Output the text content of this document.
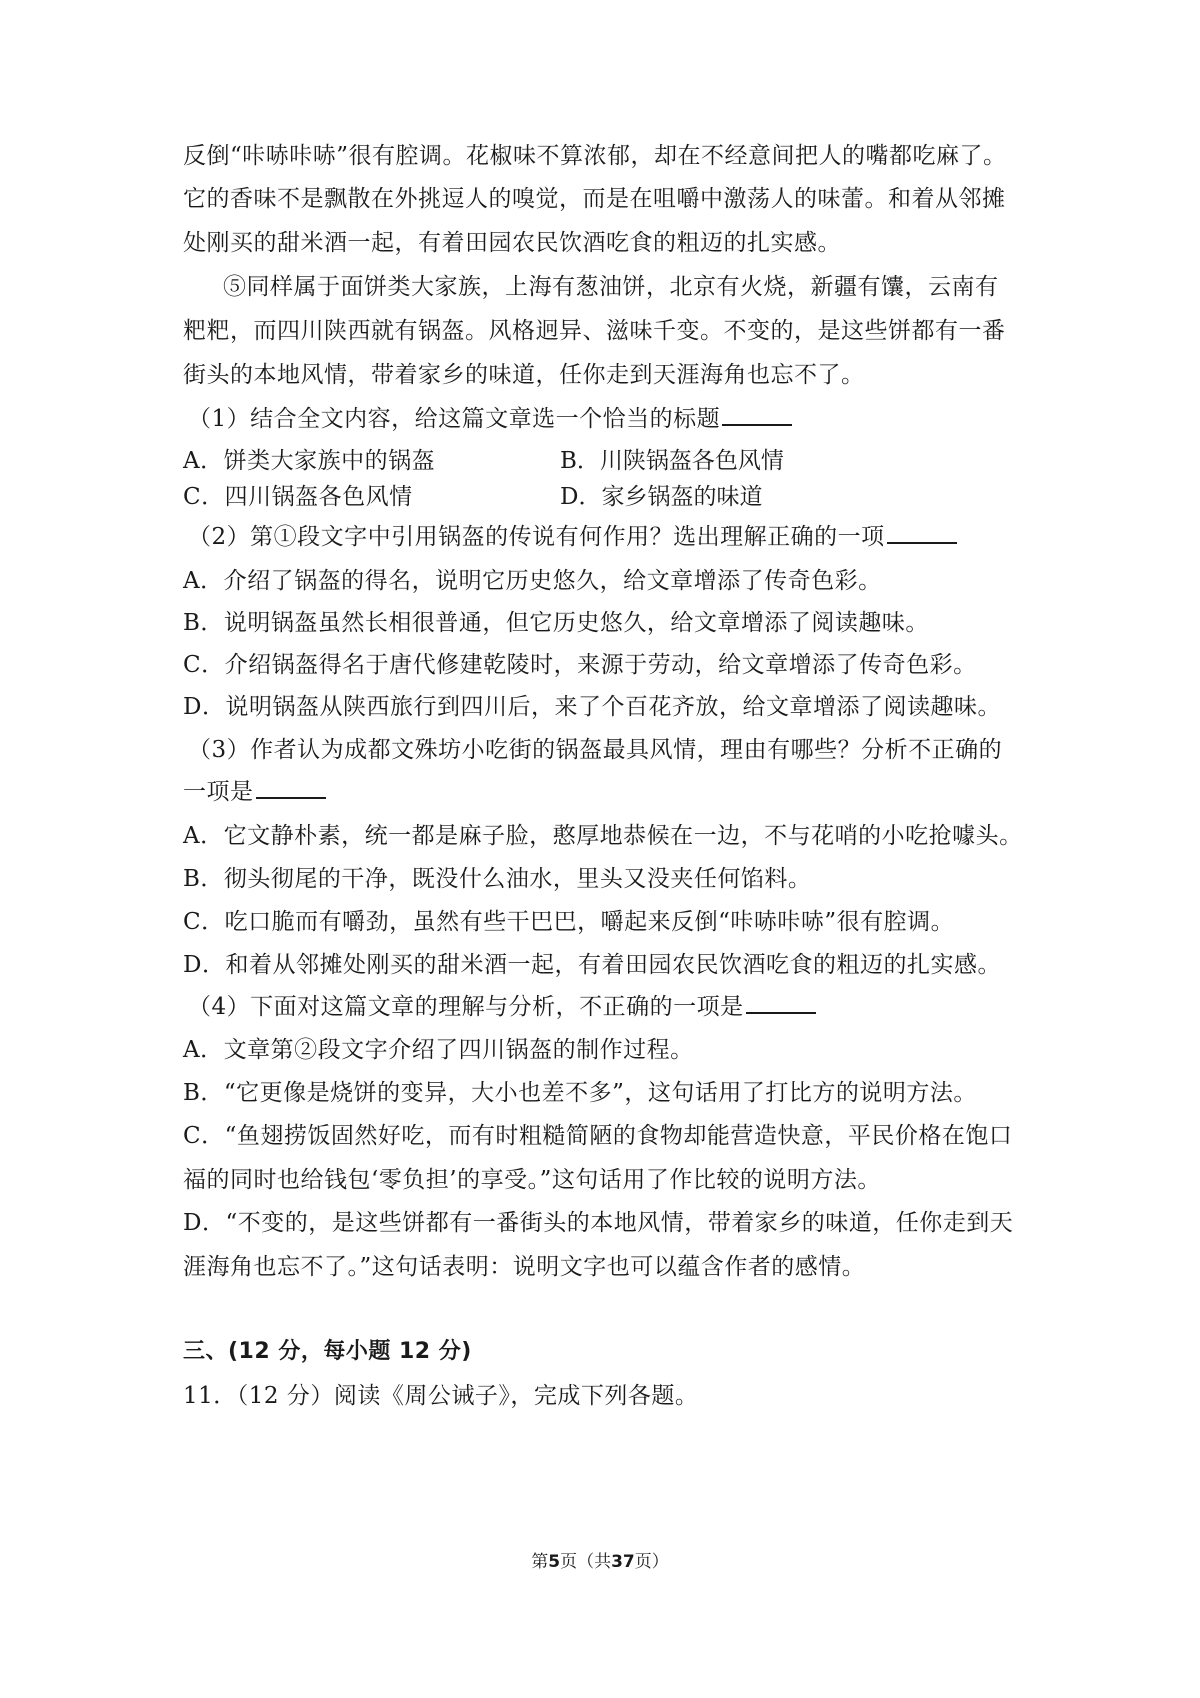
反倒“咔哧咔哧”很有腔调。花椒味不算浓郁，却在不经意间把人的嘴都吃麻了。
它的香味不是飘散在外挑逗人的嗅觉，而是在咀嚼中激荡人的味蕾。和着从邻摊
处刚买的甜米酒一起，有着田园农民饮酒吃食的粗迈的扎实感。
⑤同样属于面饼类大家族，上海有葱油饼，北京有火烧，新疆有馕，云南有
粑粑，而四川陕西就有锅盔。风格迥异、滋味千变。不变的，是这些饼都有一番
街头的本地风情，带着家乡的味道，任你走到天涯海角也忘不了。
（1）结合全文内容，给这篇文章选一个恰当的标题
A．饼类大家族中的锅盔	B．川陕锅盔各色风情
C．四川锅盔各色风情	D．家乡锅盔的味道
（2）第①段文字中引用锅盔的传说有何作用？选出理解正确的一项
A．介绍了锅盔的得名，说明它历史悠久，给文章增添了传奇色彩。
B．说明锅盔虽然长相很普通，但它历史悠久，给文章增添了阅读趣味。
C．介绍锅盔得名于唐代修建乾陵时，来源于劳动，给文章增添了传奇色彩。
D．说明锅盔从陕西旅行到四川后，来了个百花齐放，给文章增添了阅读趣味。
（3）作者认为成都文殊坊小吃街的锅盔最具风情，理由有哪些？分析不正确的
一项是
A．它文静朴素，统一都是麻子脸，憨厚地恭候在一边，不与花哨的小吃抢噱头。
B．彻头彻尾的干净，既没什么油水，里头又没夹任何馅料。
C．吃口脆而有嚼劲，虽然有些干巴巴，嚼起来反倒“咔哧咔哧”很有腔调。
D．和着从邻摊处刚买的甜米酒一起，有着田园农民饮酒吃食的粗迈的扎实感。
（4）下面对这篇文章的理解与分析，不正确的一项是
A．文章第②段文字介绍了四川锅盔的制作过程。
B．“它更像是烧饼的变异，大小也差不多”，这句话用了打比方的说明方法。
C．“鱼翅捞饭固然好吃，而有时粗糙简陋的食物却能营造快意，平民价格在饱口
福的同时也给钱包‘零负担’的享受。”这句话用了作比较的说明方法。
D．“不变的，是这些饼都有一番街头的本地风情，带着家乡的味道，任你走到天
涯海角也忘不了。”这句话表明：说明文字也可以蕴含作者的感情。
三、(12 分，每小题 12 分)
11．（12 分）阅读《周公诫子》，完成下列各题。
第5页（共37页）
